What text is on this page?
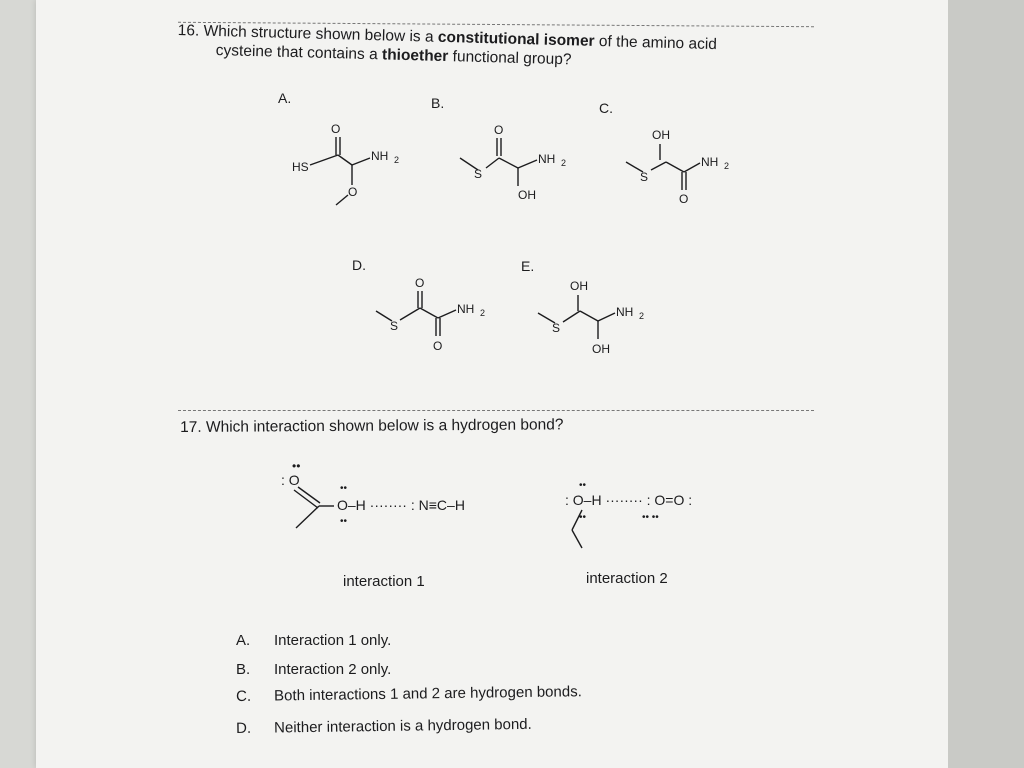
16. Which structure shown below is a constitutional isomer of the amino acid
cysteine that contains a thioether functional group?
A.	B.	C.
D.	E.
O
HS
NH 2
O
O
S
NH 2
OH
OH
S
NH 2
O
O
S
NH 2
O
OH
S
NH 2
OH
: O
••
••
O–H ········ : N≡C–H
••
••
: O–H ········ : O=O :
••	•• ••
17. Which interaction shown below is a hydrogen bond?
interaction 1	interaction 2
A. Interaction 1 only.
B. Interaction 2 only.
C. Both interactions 1 and 2 are hydrogen bonds.
D. Neither interaction is a hydrogen bond.
